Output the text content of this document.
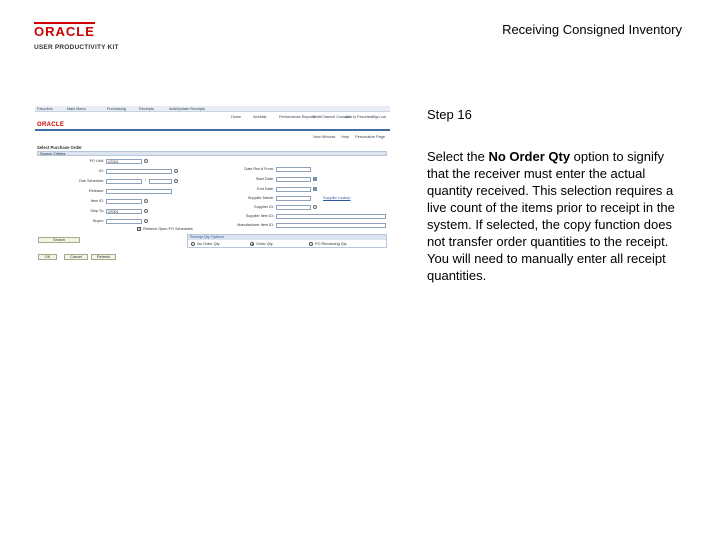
ORACLE
USER PRODUCTIVITY KIT
Receiving Consigned Inventory
Favorites	Main Menu	Purchasing	Receipts	Add/Update Receipts
Home	Worklist	Performance Reports
MultiChannel Console
Add to Favorites Sign out
ORACLE
New Window Help Personalize Page
Select Purchase Order
Search Criteria
PO Unit:	US001
ID:
Due Schedule:	/
Release:
Item ID:
Ship To:	US001
Buyer:
✓
Retrieve Open PO Schedules
Date Rec'd From:
Start Date:
End Date:
Supplier Name:	Supplier Lookup
Supplier ID:
Supplier Item ID:
Manufacturer Item ID:
Search
Receipt Qty Options
No Order Qty	Order Qty	PO Remaining Qty
OK	Cancel	Refresh
Step 16
Select the No Order Qty option to signify that the receiver must enter the actual quantity received. This selection requires a live count of the items prior to receipt in the system. If selected, the copy function does not transfer order quantities to the receipt. You will need to manually enter all receipt quantities.
